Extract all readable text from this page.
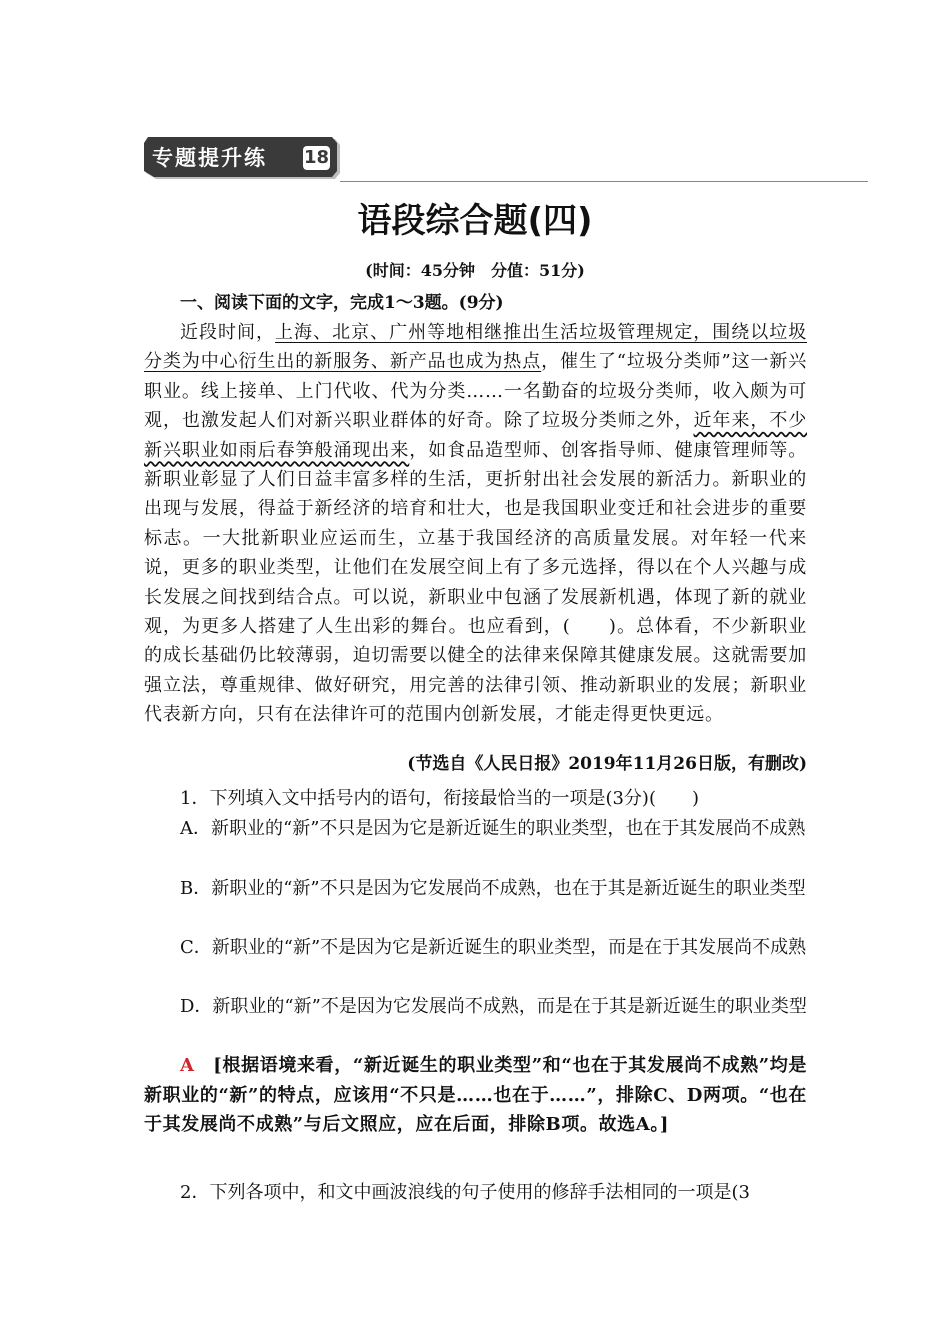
专题提升练 18
语段综合题(四)
(时间：45分钟　分值：51分)
一、阅读下面的文字，完成1～3题。(9分)
近段时间，上海、北京、广州等地相继推出生活垃圾管理规定，围绕以垃圾分类为中心衍生出的新服务、新产品也成为热点，催生了“垃圾分类师”这一新兴职业。线上接单、上门代收、代为分类……一名勤奋的垃圾分类师，收入颇为可观，也激发起人们对新兴职业群体的好奇。除了垃圾分类师之外，近年来，不少新兴职业如雨后春笋般涌现出来，如食品造型师、创客指导师、健康管理师等。新职业彰显了人们日益丰富多样的生活，更折射出社会发展的新活力。新职业的出现与发展，得益于新经济的培育和壮大，也是我国职业变迁和社会进步的重要标志。一大批新职业应运而生，立基于我国经济的高质量发展。对年轻一代来说，更多的职业类型，让他们在发展空间上有了多元选择，得以在个人兴趣与成长发展之间找到结合点。可以说，新职业中包涵了发展新机遇，体现了新的就业观，为更多人搭建了人生出彩的舞台。也应看到，(　　)。总体看，不少新职业的成长基础仍比较薄弱，迫切需要以健全的法律来保障其健康发展。这就需要加强立法，尊重规律、做好研究，用完善的法律引领、推动新职业的发展；新职业代表新方向，只有在法律许可的范围内创新发展，才能走得更快更远。
(节选自《人民日报》2019年11月26日版，有删改)
1．下列填入文中括号内的语句，衔接最恰当的一项是(3分)(　　)
A．新职业的“新”不只是因为它是新近诞生的职业类型，也在于其发展尚不成熟
B．新职业的“新”不只是因为它发展尚不成熟，也在于其是新近诞生的职业类型
C．新职业的“新”不是因为它是新近诞生的职业类型，而是在于其发展尚不成熟
D．新职业的“新”不是因为它发展尚不成熟，而是在于其是新近诞生的职业类型
A　 [根据语境来看，“新近诞生的职业类型”和“也在于其发展尚不成熟”均是新职业的“新”的特点，应该用“不只是……也在于……”，排除C、D两项。“也在于其发展尚不成熟”与后文照应，应在后面，排除B项。故选A。]
2．下列各项中，和文中画波浪线的句子使用的修辞手法相同的一项是(3
